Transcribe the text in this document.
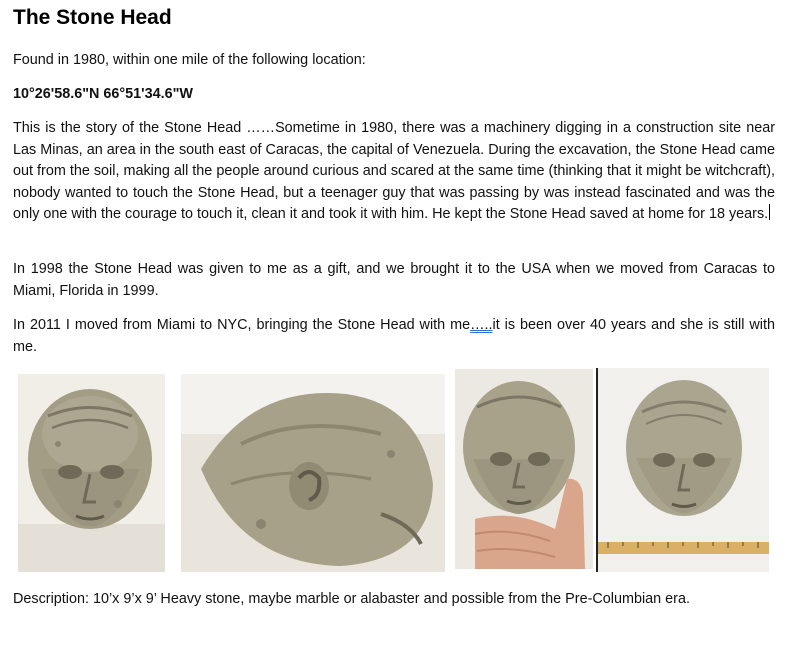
The Stone Head

Found in 1980, within one mile of the following location:

10°26'58.6"N 66°51'34.6"W

This is the story of the Stone Head ……Sometime in 1980, there was a machinery digging in a construction site near Las Minas, an area in the south east of Caracas, the capital of Venezuela. During the excavation, the Stone Head came out from the soil, making all the people around curious and scared at the same time (thinking that it might be witchcraft), nobody wanted to touch the Stone Head, but a teenager guy that was passing by was instead fascinated and was the only one with the courage to touch it, clean it and took it with him. He kept the Stone Head saved at home for 18 years.

In 1998 the Stone Head was given to me as a gift, and we brought it to the USA when we moved from Caracas to Miami, Florida in 1999.

In 2011 I moved from Miami to NYC, bringing the Stone Head with me…..it is been over 40 years and she is still with me.

Description: 10’x 9’x 9’ Heavy stone, maybe marble or alabaster and possible from the Pre-Columbian era.
